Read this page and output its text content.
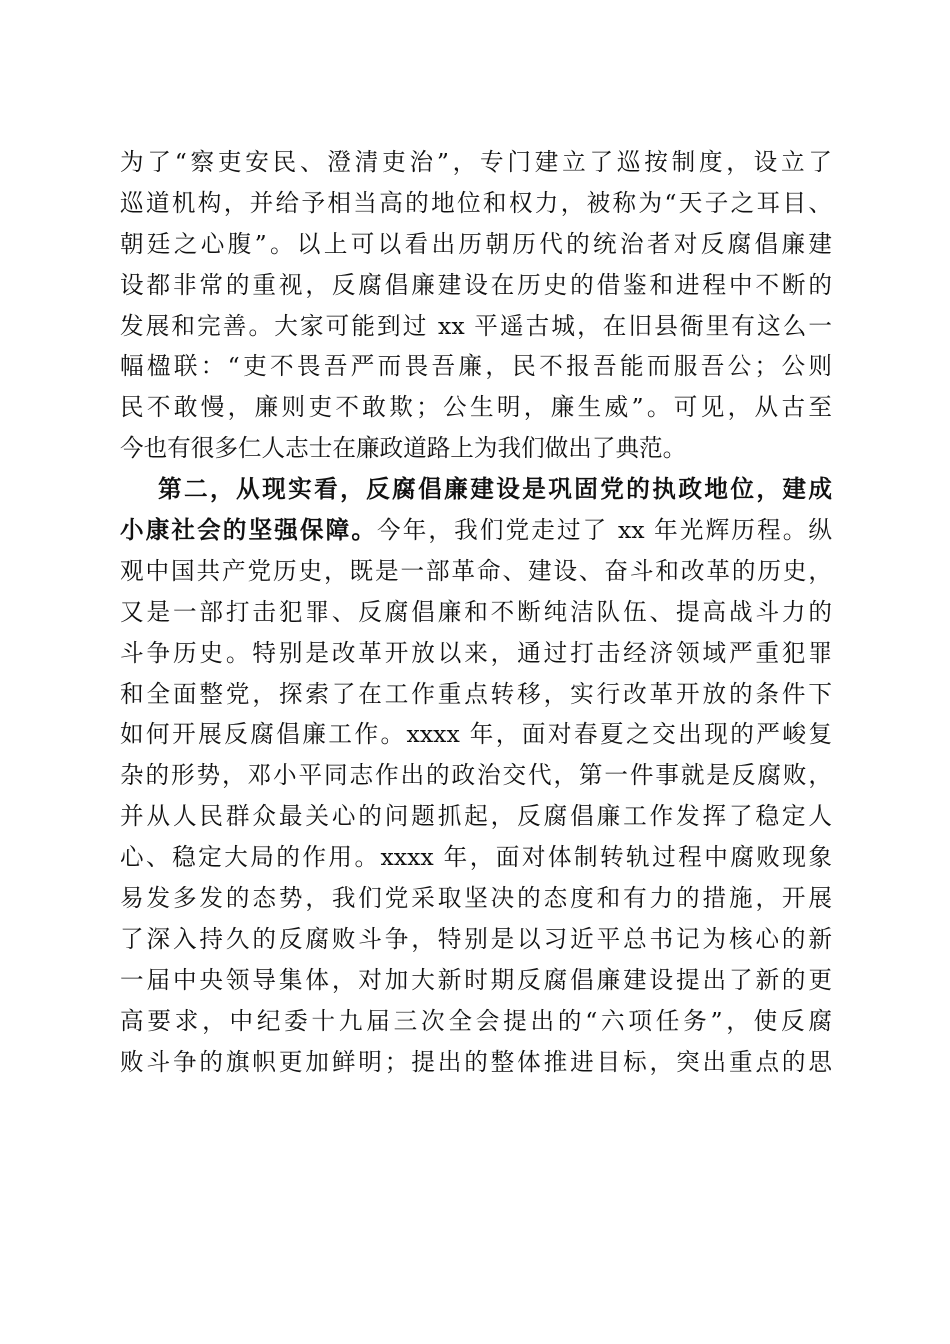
为了“察吏安民、澄清吏治”，专门建立了巡按制度，设立了
巡道机构，并给予相当高的地位和权力，被称为“天子之耳目、
朝廷之心腹”。以上可以看出历朝历代的统治者对反腐倡廉建
设都非常的重视，反腐倡廉建设在历史的借鉴和进程中不断的
发展和完善。大家可能到过 xx 平遥古城，在旧县衙里有这么一
幅楹联：“吏不畏吾严而畏吾廉，民不报吾能而服吾公；公则
民不敢慢，廉则吏不敢欺；公生明，廉生威”。可见，从古至
今也有很多仁人志士在廉政道路上为我们做出了典范。
第二，从现实看，反腐倡廉建设是巩固党的执政地位，建成
小康社会的坚强保障。今年，我们党走过了 xx 年光辉历程。纵
观中国共产党历史，既是一部革命、建设、奋斗和改革的历史，
又是一部打击犯罪、反腐倡廉和不断纯洁队伍、提高战斗力的
斗争历史。特别是改革开放以来，通过打击经济领域严重犯罪
和全面整党，探索了在工作重点转移，实行改革开放的条件下
如何开展反腐倡廉工作。xxxx 年，面对春夏之交出现的严峻复
杂的形势，邓小平同志作出的政治交代，第一件事就是反腐败，
并从人民群众最关心的问题抓起，反腐倡廉工作发挥了稳定人
心、稳定大局的作用。xxxx 年，面对体制转轨过程中腐败现象
易发多发的态势，我们党采取坚决的态度和有力的措施，开展
了深入持久的反腐败斗争，特别是以习近平总书记为核心的新
一届中央领导集体，对加大新时期反腐倡廉建设提出了新的更
高要求，中纪委十九届三次全会提出的“六项任务”，使反腐
败斗争的旗帜更加鲜明；提出的整体推进目标，突出重点的思
